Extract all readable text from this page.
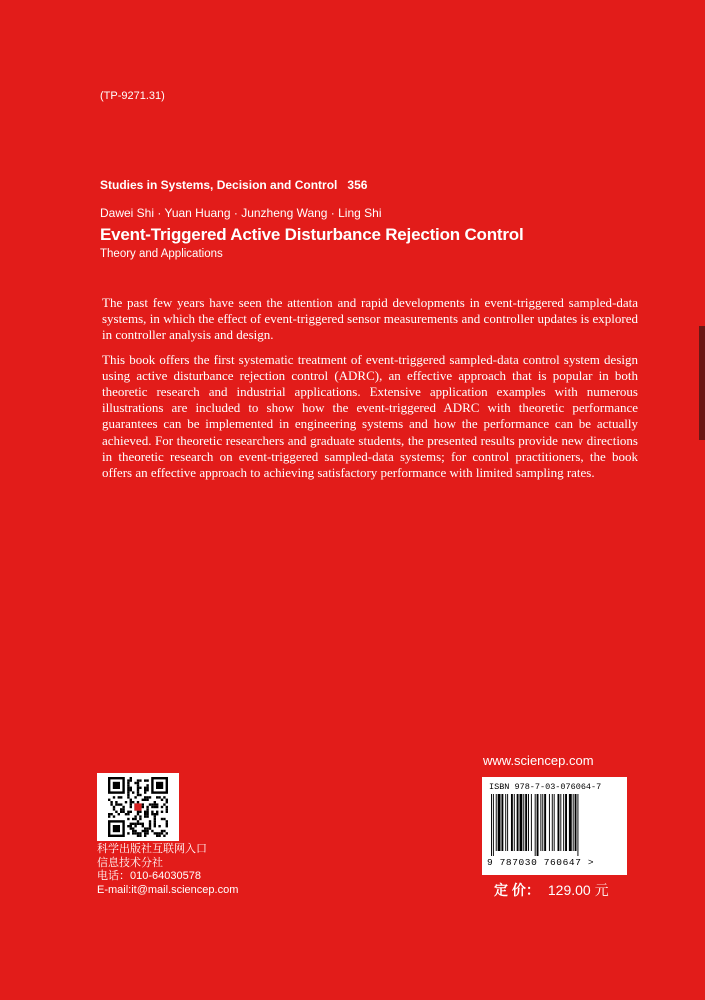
(TP-9271.31)
Studies in Systems, Decision and Control 356
Dawei Shi · Yuan Huang · Junzheng Wang · Ling Shi
Event-Triggered Active Disturbance Rejection Control
Theory and Applications

The past few years have seen the attention and rapid developments in event-triggered sampled-data systems, in which the effect of event-triggered sensor measurements and controller updates is explored in controller analysis and design.

This book offers the first systematic treatment of event-triggered sampled-data control system design using active disturbance rejection control (ADRC), an effective approach that is popular in both theoretic research and industrial applications. Extensive application examples with numerous illustrations are included to show how the event-triggered ADRC with theoretic performance guarantees can be implemented in engineering systems and how the performance can be actually achieved. For theoretic researchers and graduate students, the presented results provide new directions in theoretic research on event-triggered sampled-data systems; for control practitioners, the book offers an effective approach to achieving satisfactory performance with limited sampling rates.

www.sciencep.com
科学出版社互联网入口
信息技术分社
电话：010-64030578
E-mail:it@mail.sciencep.com
ISBN 978-7-03-076064-7
9 787030 760647 >
定 价： 129.00 元
